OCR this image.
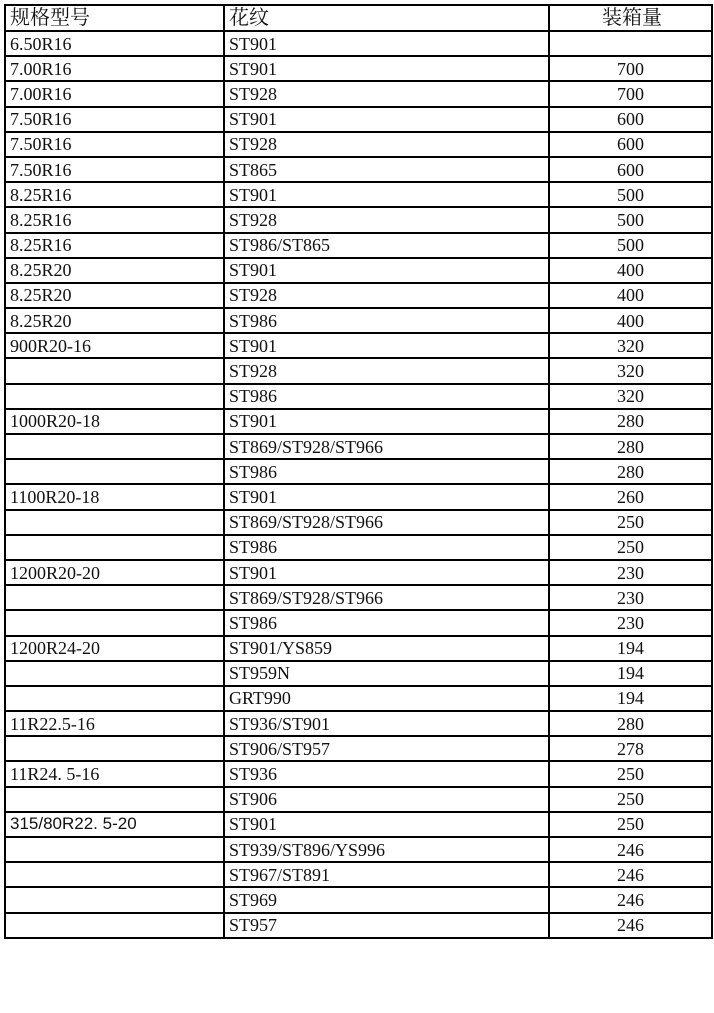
规格型号	花纹	装箱量
6.50R16	ST901	
7.00R16	ST901	700
7.00R16	ST928	700
7.50R16	ST901	600
7.50R16	ST928	600
7.50R16	ST865	600
8.25R16	ST901	500
8.25R16	ST928	500
8.25R16	ST986/ST865	500
8.25R20	ST901	400
8.25R20	ST928	400
8.25R20	ST986	400
900R20-16	ST901	320
	ST928	320
	ST986	320
1000R20-18	ST901	280
	ST869/ST928/ST966	280
	ST986	280
1100R20-18	ST901	260
	ST869/ST928/ST966	250
	ST986	250
1200R20-20	ST901	230
	ST869/ST928/ST966	230
	ST986	230
1200R24-20	ST901/YS859	194
	ST959N	194
	GRT990	194
11R22.5-16	ST936/ST901	280
	ST906/ST957	278
11R24. 5-16	ST936	250
	ST906	250
315/80R22. 5-20	ST901	250
	ST939/ST896/YS996	246
	ST967/ST891	246
	ST969	246
	ST957	246
